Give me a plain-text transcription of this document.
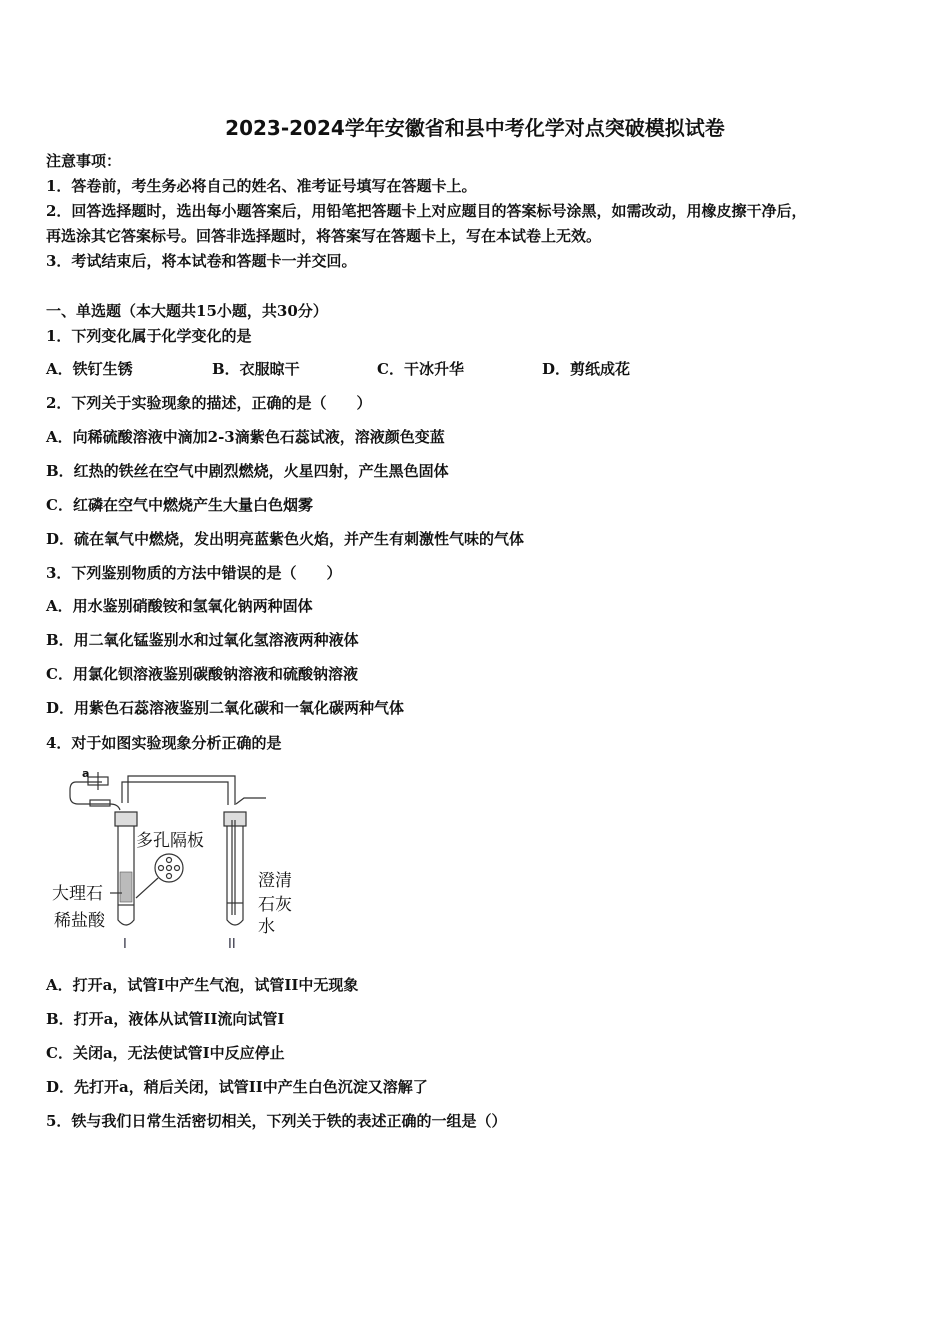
2023-2024学年安徽省和县中考化学对点突破模拟试卷
注意事项：
1．答卷前，考生务必将自己的姓名、准考证号填写在答题卡上。
2．回答选择题时，选出每小题答案后，用铅笔把答题卡上对应题目的答案标号涂黑，如需改动，用橡皮擦干净后，
再选涂其它答案标号。回答非选择题时，将答案写在答题卡上，写在本试卷上无效。
3．考试结束后，将本试卷和答题卡一并交回。
一、单选题（本大题共15小题，共30分）
1．下列变化属于化学变化的是
A．铁钉生锈	B．衣服晾干	C．干冰升华	D．剪纸成花
2．下列关于实验现象的描述，正确的是（　　）
A．向稀硫酸溶液中滴加2-3滴紫色石蕊试液，溶液颜色变蓝
B．红热的铁丝在空气中剧烈燃烧，火星四射，产生黑色固体
C．红磷在空气中燃烧产生大量白色烟雾
D．硫在氧气中燃烧，发出明亮蓝紫色火焰，并产生有刺激性气味的气体
3．下列鉴别物质的方法中错误的是（　　）
A．用水鉴别硝酸铵和氢氧化钠两种固体
B．用二氧化锰鉴别水和过氧化氢溶液两种液体
C．用氯化钡溶液鉴别碳酸钠溶液和硫酸钠溶液
D．用紫色石蕊溶液鉴别二氧化碳和一氧化碳两种气体
4．对于如图实验现象分析正确的是
a
多孔隔板
大理石
稀盐酸
澄清
石灰
水
I	II
A．打开a，试管I中产生气泡，试管II中无现象
B．打开a，液体从试管II流向试管I
C．关闭a，无法使试管I中反应停止
D．先打开a，稍后关闭，试管II中产生白色沉淀又溶解了
5．铁与我们日常生活密切相关，下列关于铁的表述正确的一组是（）
